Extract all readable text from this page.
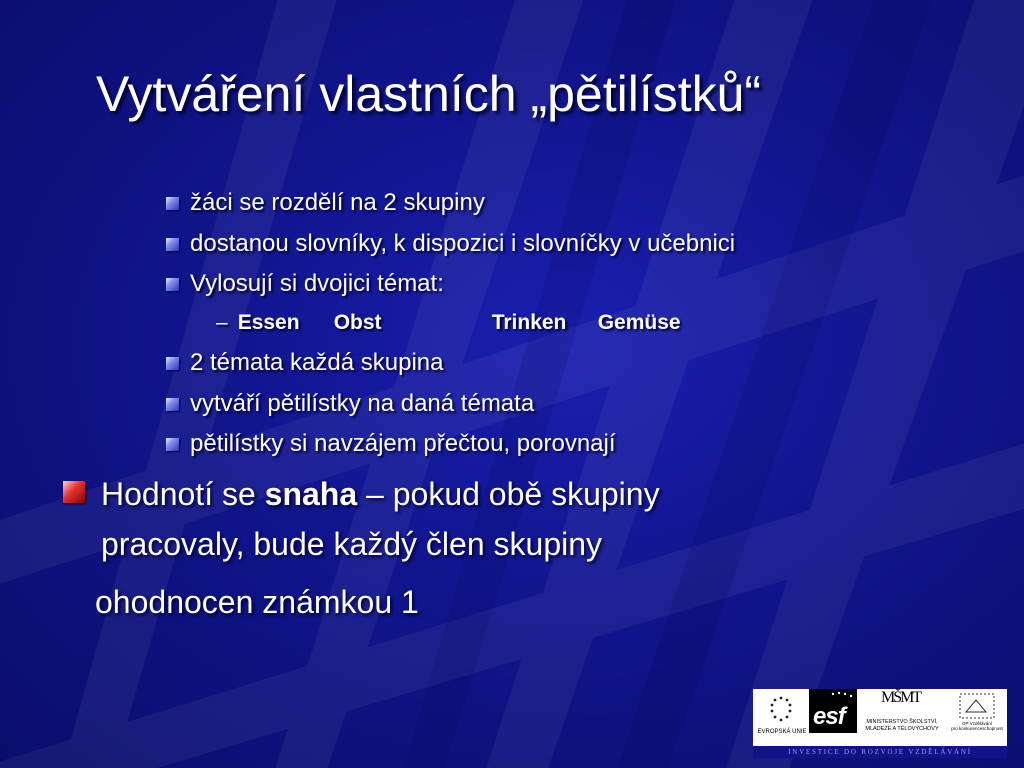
Vytváření vlastních „pětilístků“
žáci se rozdělí na 2 skupiny
dostanou slovníky, k dispozici i slovníčky v učebnici
Vylosují si dvojici témat:
– Essen	Obst	Trinken	Gemüse
2 témata každá skupina
vytváří pětilístky na daná témata
pětilístky si navzájem přečtou, porovnají
Hodnotí se snaha – pokud obě skupiny
pracovaly, bude každý člen skupiny
ohodnocen známkou 1
EVROPSKÁ UNIE
esf
MŠMT
MINISTERSTVO ŠKOLSTVÍ,
MLÁDEŽE A TĚLOVÝCHOVY
OP Vzdělávání
pro konkurenceschopnost
INVESTICE DO ROZVOJE VZDĚLÁVÁNÍ
